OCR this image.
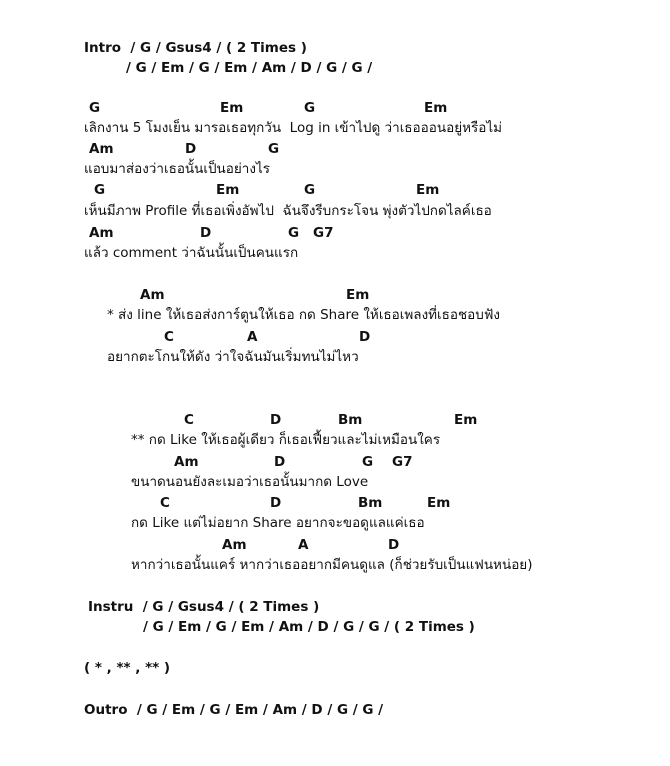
Intro  / G / Gsus4 / ( 2 Times )
/ G / Em / G / Em / Am / D / G / G /
G	Em	G	Em
เลิกงาน 5 โมงเย็น มารอเธอทุกวัน  Log in เข้าไปดู ว่าเธอออนอยู่หรือไม่
Am	D	G
แอบมาส่องว่าเธอนั้นเป็นอย่างไร
G	Em	G	Em
เห็นมีภาพ Profile ที่เธอเพิ่งอัพไป  ฉันจึงรีบกระโจน พุ่งตัวไปกดไลค์เธอ
Am	D	G G7
แล้ว comment ว่าฉันนั้นเป็นคนแรก
Am	Em
* ส่ง line ให้เธอส่งการ์ตูนให้เธอ กด Share ให้เธอเพลงที่เธอชอบฟัง
C	A	D
อยากตะโกนให้ดัง ว่าใจฉันมันเริ่มทนไม่ไหว
C	D	Bm	Em
** กด Like ให้เธอผู้เดียว ก็เธอเฟี้ยวและไม่เหมือนใคร
Am	D	G G7
ขนาดนอนยังละเมอว่าเธอนั้นมากด Love
C	D	Bm	Em
กด Like แต่ไม่อยาก Share อยากจะขอดูแลแค่เธอ
Am	A	D
หากว่าเธอนั้นแคร์ หากว่าเธออยากมีคนดูแล (ก็ช่วยรับเป็นแฟนหน่อย)
Instru  / G / Gsus4 / ( 2 Times )
/ G / Em / G / Em / Am / D / G / G / ( 2 Times )
( * , ** , ** )
Outro  / G / Em / G / Em / Am / D / G / G /
